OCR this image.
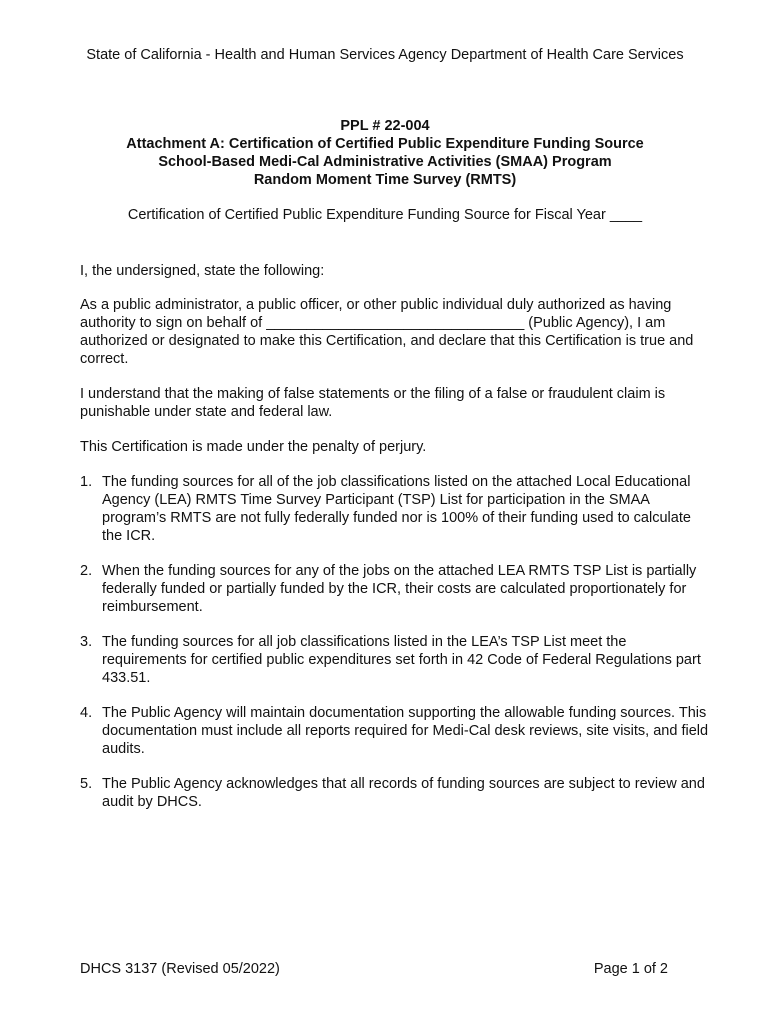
State of California - Health and Human Services Agency Department of Health Care Services
PPL # 22-004
Attachment A: Certification of Certified Public Expenditure Funding Source
School-Based Medi-Cal Administrative Activities (SMAA) Program
Random Moment Time Survey (RMTS)
Certification of Certified Public Expenditure Funding Source for Fiscal Year ____

I, the undersigned, state the following:

As a public administrator, a public officer, or other public individual duly authorized as having authority to sign on behalf of ________________________________ (Public Agency), I am authorized or designated to make this Certification, and declare that this Certification is true and correct.

I understand that the making of false statements or the filing of a false or fraudulent claim is punishable under state and federal law.

This Certification is made under the penalty of perjury.

1. The funding sources for all of the job classifications listed on the attached Local Educational Agency (LEA) RMTS Time Survey Participant (TSP) List for participation in the SMAA program’s RMTS are not fully federally funded nor is 100% of their funding used to calculate the ICR.
2. When the funding sources for any of the jobs on the attached LEA RMTS TSP List is partially federally funded or partially funded by the ICR, their costs are calculated proportionately for reimbursement.
3. The funding sources for all job classifications listed in the LEA’s TSP List meet the requirements for certified public expenditures set forth in 42 Code of Federal Regulations part 433.51.
4. The Public Agency will maintain documentation supporting the allowable funding sources. This documentation must include all reports required for Medi-Cal desk reviews, site visits, and field audits.
5. The Public Agency acknowledges that all records of funding sources are subject to review and audit by DHCS.
DHCS 3137 (Revised 05/2022)	Page 1 of 2
